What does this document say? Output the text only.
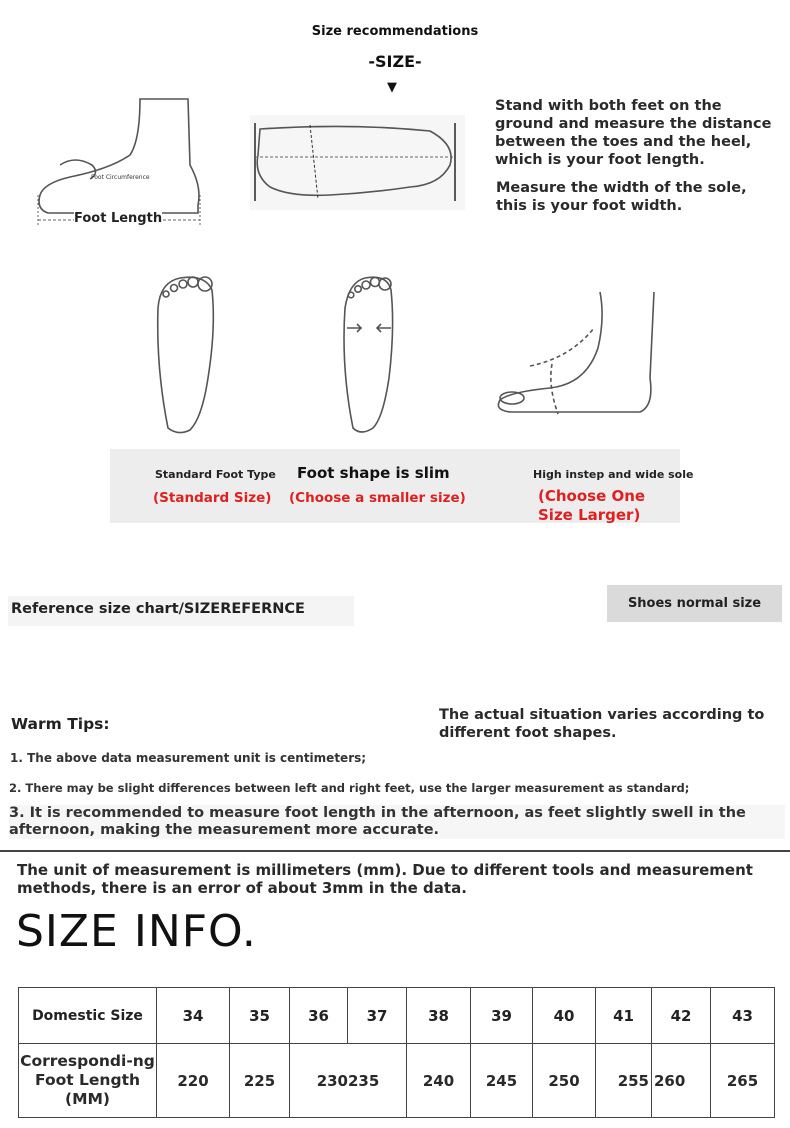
Size recommendations
-SIZE-
▼
Foot Circumference
Foot Length
Stand with both feet on the ground and measure the distance between the toes and the heel, which is your foot length.
Measure the width of the sole, this is your foot width.
Standard Foot Type Foot shape is slim	High instep and wide sole
(Standard Size) (Choose a smaller size)	(Choose One Size Larger)
Reference size chart/SIZEREFERNCE	Shoes normal size
Warm Tips:	The actual situation varies according to different foot shapes.
1. The above data measurement unit is centimeters;
2. There may be slight differences between left and right feet, use the larger measurement as standard;
3. It is recommended to measure foot length in the afternoon, as feet slightly swell in the afternoon, making the measurement more accurate.
The unit of measurement is millimeters (mm). Due to different tools and measurement methods, there is an error of about 3mm in the data.
SIZE INFO.
Domestic Size	34	35	36	37	38	39	40	41	42	43
Correspondi-ng Foot Length (MM)	220	225	230235		240	245	250	255	260	265
